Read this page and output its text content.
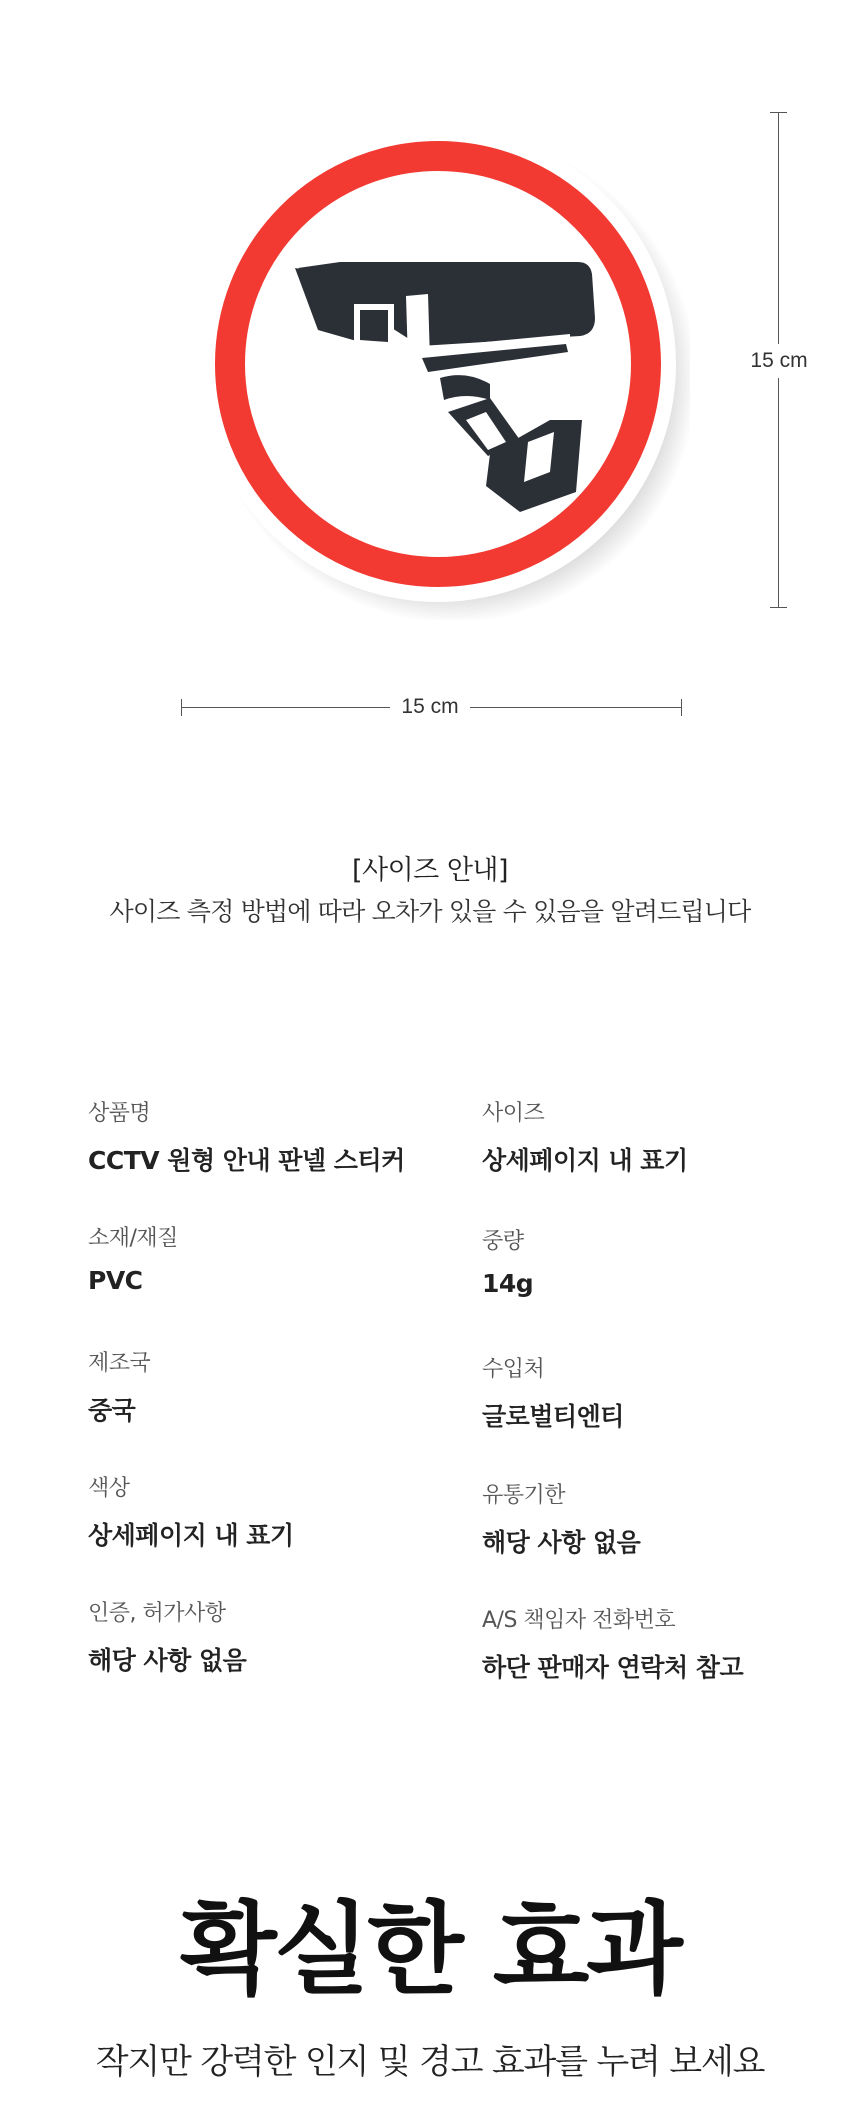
15 cm
15 cm
[사이즈 안내]
사이즈 측정 방법에 따라 오차가 있을 수 있음을 알려드립니다
상품명
CCTV 원형 안내 판넬 스티커
소재/재질
PVC
제조국
중국
색상
상세페이지 내 표기
인증, 허가사항
해당 사항 없음
사이즈
상세페이지 내 표기
중량
14g
수입처
글로벌티엔티
유통기한
해당 사항 없음
A/S 책임자 전화번호
하단 판매자 연락처 참고
확실한 효과
작지만 강력한 인지 및 경고 효과를 누려 보세요
